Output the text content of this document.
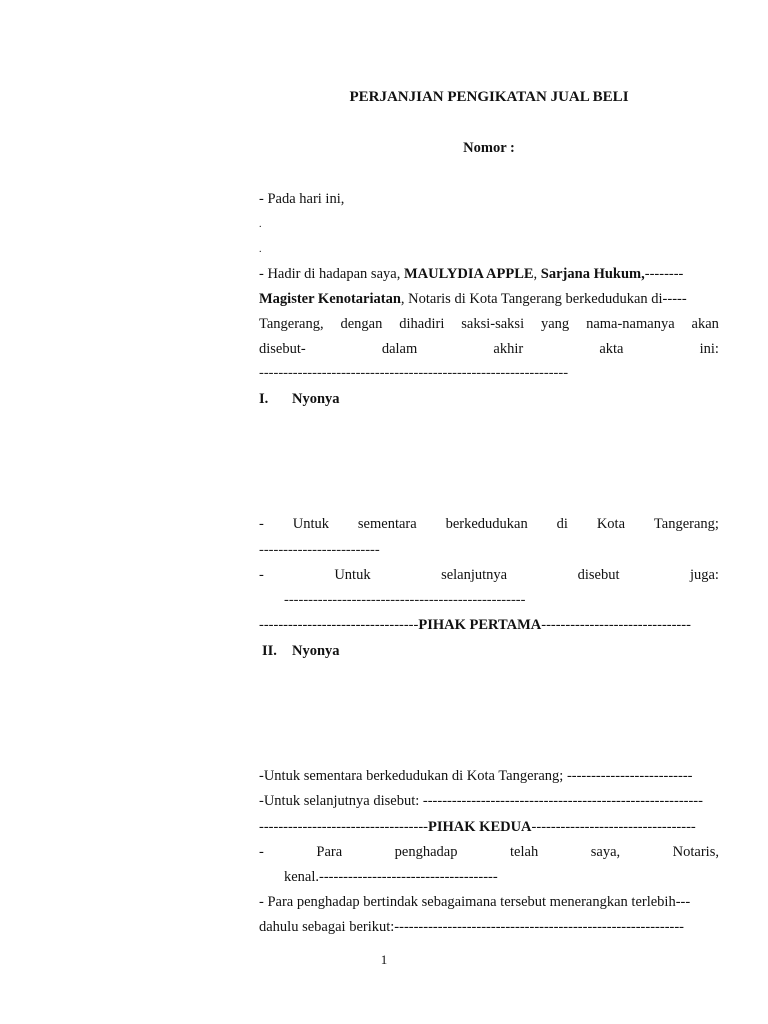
PERJANJIAN PENGIKATAN JUAL BELI
Nomor :
- Pada hari ini,
.
.
- Hadir di hadapan saya, MAULYDIA APPLE, Sarjana Hukum,--------
Magister Kenotariatan, Notaris di Kota Tangerang berkedudukan di-----
Tangerang, dengan dihadiri saksi-saksi yang nama-namanya akan
disebut-	dalam	akhir	akta	ini:
----------------------------------------------------------------
I. Nyonya
- Untuk sementara berkedudukan di Kota Tangerang;
-------------------------
-	Untuk	selanjutnya	disebut	juga:
--------------------------------------------------
---------------------------------PIHAK PERTAMA-------------------------------
II. Nyonya
-Untuk sementara berkedudukan di Kota Tangerang; --------------------------
-Untuk selanjutnya disebut: ----------------------------------------------------------
-----------------------------------PIHAK KEDUA----------------------------------
-	Para	penghadap	telah	saya,	Notaris,
kenal.-------------------------------------
- Para penghadap bertindak sebagaimana tersebut menerangkan terlebih---
dahulu sebagai berikut:------------------------------------------------------------
1
